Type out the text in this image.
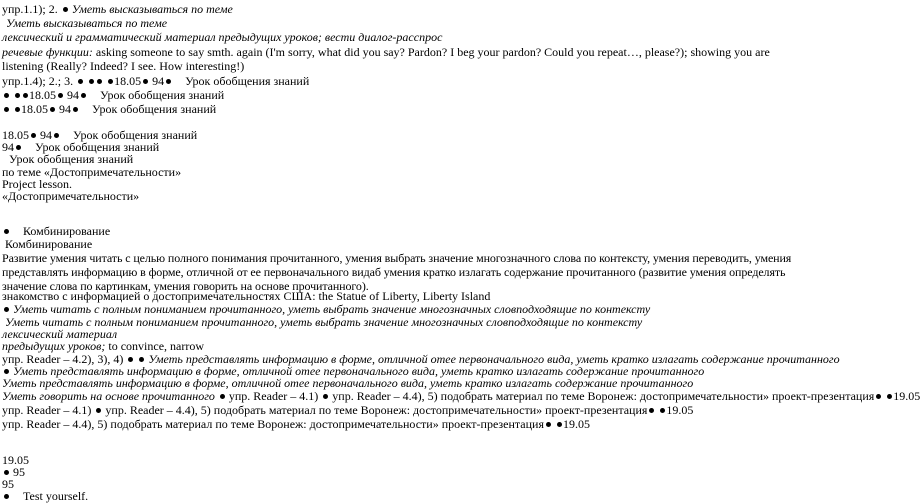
упр.1.1); 2. Уметь высказываться по теме
Уметь высказываться по теме
лексический и грамматический материал предыдущих уроков; вести диалог-расспрос
речевые функции: asking someone to say smth. again (I'm sorry, what did you say? Pardon? I beg your pardon? Could you repeat…, please?); showing you are listening (Really? Indeed? I see. How interesting!)
упр.1.4); 2.; 3.	18.05 94 Урок обобщения знаний
18.05 94 Урок обобщения знаний
18.05 94 Урок обобщения знаний
18.05 94 Урок обобщения знаний
94 Урок обобщения знаний
Урок обобщения знаний
по теме «Достопримечательности»
Project lesson.
«Достопримечательности»
Комбинирование
Комбинирование
Развитие умения читать с целью полного понимания прочитанного, умения выбрать значение многозначного слова по контексту, умения переводить, умения представлять информацию в форме, отличной от ее первоначального видаб умения кратко излагать содержание прочитанного (развитие умения определять значение слова по картинкам, умения говорить на основе прочитанного).
знакомство с информацией о достопримечательностях США: the Statue of Liberty, Liberty Island
Уметь читать с полным пониманием прочитанного, уметь выбрать значение многозначных словподходящие по контексту
Уметь читать с полным пониманием прочитанного, уметь выбрать значение многозначных словподходящие по контексту
лексический материал
предыдущих уроков; to convince, narrow
упр. Reader – 4.2), 3), 4) Уметь представлять информацию в форме, отличной отее первоначального вида, уметь кратко излагать содержание прочитанного
Уметь представлять информацию в форме, отличной отее первоначального вида, уметь кратко излагать содержание прочитанного
Уметь представлять информацию в форме, отличной отее первоначального вида, уметь кратко излагать содержание прочитанного
Уметь говорить на основе прочитанного упр. Reader – 4.1) упр. Reader – 4.4), 5) подобрать материал по теме Воронеж: достопримечательности» проект-презентация 19.05
упр. Reader – 4.1) упр. Reader – 4.4), 5) подобрать материал по теме Воронеж: достопримечательности» проект-презентация 19.05
упр. Reader – 4.4), 5) подобрать материал по теме Воронеж: достопримечательности» проект-презентация 19.05
19.05
95
95
Test yourself.
